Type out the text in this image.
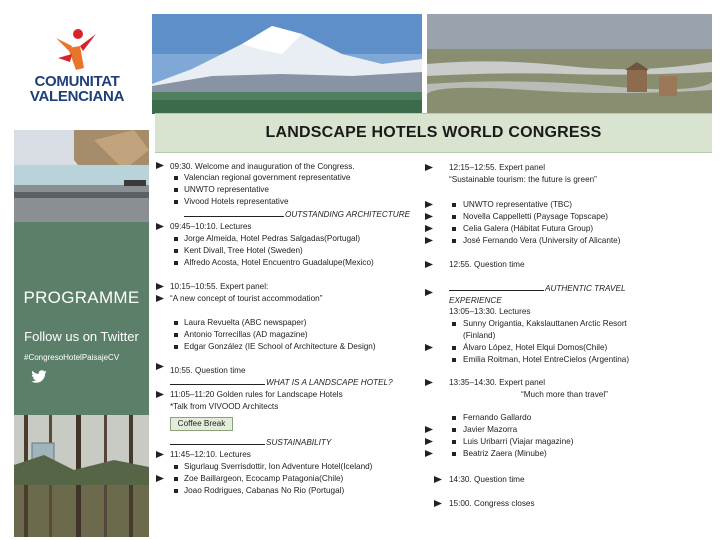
COMUNITAT
VALENCIANA
PROGRAMME
Follow us on Twitter
#CongresoHotelPaisajeCV
LANDSCAPE HOTELS WORLD CONGRESS
09:30. Welcome and inauguration of the Congress.
Valencian regional government representative
UNWTO representative
Vivood Hotels representative
OUTSTANDING ARCHITECTURE
09:45–10:10. Lectures
Jorge Almeida, Hotel Pedras Salgadas(Portugal)
Kent Divall, Tree Hotel (Sweden)
Alfredo Acosta, Hotel Encuentro Guadalupe(Mexico)
10:15–10:55. Expert panel:
“A new concept of tourist accommodation”
Laura Revuelta (ABC newspaper)
Antonio Torrecillas (AD magazine)
Edgar González (IE School of Architecture & Design)
10:55. Question time
WHAT IS A LANDSCAPE HOTEL?
11:05–11:20 Golden rules for Landscape Hotels
*Talk from VIVOOD Architects
Coffee Break
SUSTAINABILITY
11:45–12:10. Lectures
Sigurlaug Sverrisdottir, Ion Adventure Hotel(Iceland)
Zoe Baillargeon, Ecocamp Patagonia(Chile)
Joao Rodrigues, Cabanas No Rio (Portugal)
12:15–12:55. Expert panel
“Sustainable tourism: the future is green”
UNWTO representative (TBC)
Novella Cappelletti (Paysage Topscape)
Celia Galera (Hábitat Futura Group)
José Fernando Vera (University of Alicante)
12:55. Question time
AUTHENTIC TRAVEL
EXPERIENCE
13:05–13:30. Lectures
Sunny Origantia, Kakslauttanen Arctic Resort
(Finland)
Álvaro López, Hotel Elqui Domos(Chile)
Emilia Roitman, Hotel EntreCielos (Argentina)
13:35–14:30. Expert panel
“Much more than travel”
Fernando Gallardo
Javier Mazorra
Luis Uribarri (Viajar magazine)
Beatriz Zaera (Minube)
14:30. Question time
15:00. Congress closes
